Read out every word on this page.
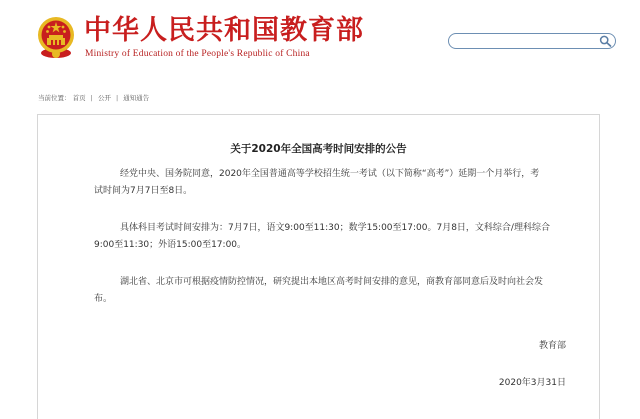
中华人民共和国教育部
Ministry of Education of the People's Republic of China
当前位置： 首页 | 公开 | 通知通告
关于2020年全国高考时间安排的公告

经党中央、国务院同意，2020年全国普通高等学校招生统一考试（以下简称“高考”）延期一个月举行，考
试时间为7月7日至8日。

具体科目考试时间安排为：7月7日，语文9:00至11:30；数学15:00至17:00。7月8日，文科综合/理科综合
9:00至11:30；外语15:00至17:00。

湖北省、北京市可根据疫情防控情况，研究提出本地区高考时间安排的意见，商教育部同意后及时向社会发
布。

教育部
2020年3月31日
